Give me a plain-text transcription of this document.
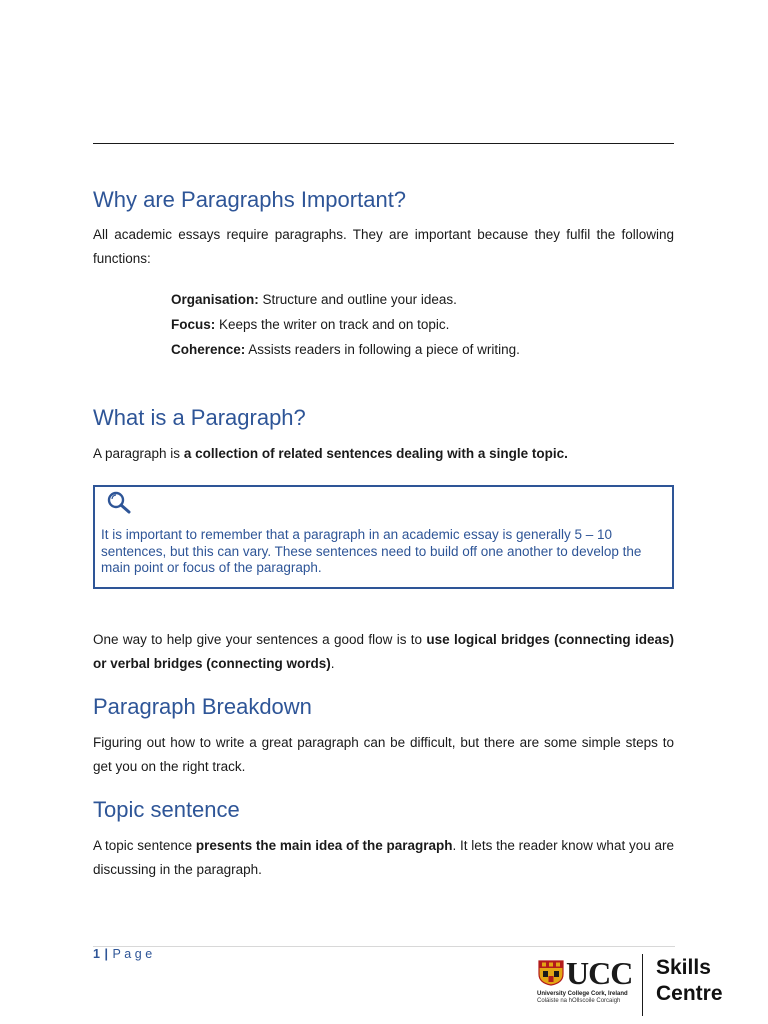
Why are Paragraphs Important?

All academic essays require paragraphs. They are important because they fulfil the following functions:

Organisation: Structure and outline your ideas.
Focus: Keeps the writer on track and on topic.
Coherence: Assists readers in following a piece of writing.
What is a Paragraph?

A paragraph is a collection of related sentences dealing with a single topic.

It is important to remember that a paragraph in an academic essay is generally 5 – 10 sentences, but this can vary. These sentences need to build off one another to develop the main point or focus of the paragraph.

One way to help give your sentences a good flow is to use logical bridges (connecting ideas) or verbal bridges (connecting words).

Paragraph Breakdown

Figuring out how to write a great paragraph can be difficult, but there are some simple steps to get you on the right track.

Topic sentence

A topic sentence presents the main idea of the paragraph. It lets the reader know what you are discussing in the paragraph.

1 | Page
UCC
University College Cork, Ireland
Coláiste na hOllscoile Corcaigh
Skills
Centre
